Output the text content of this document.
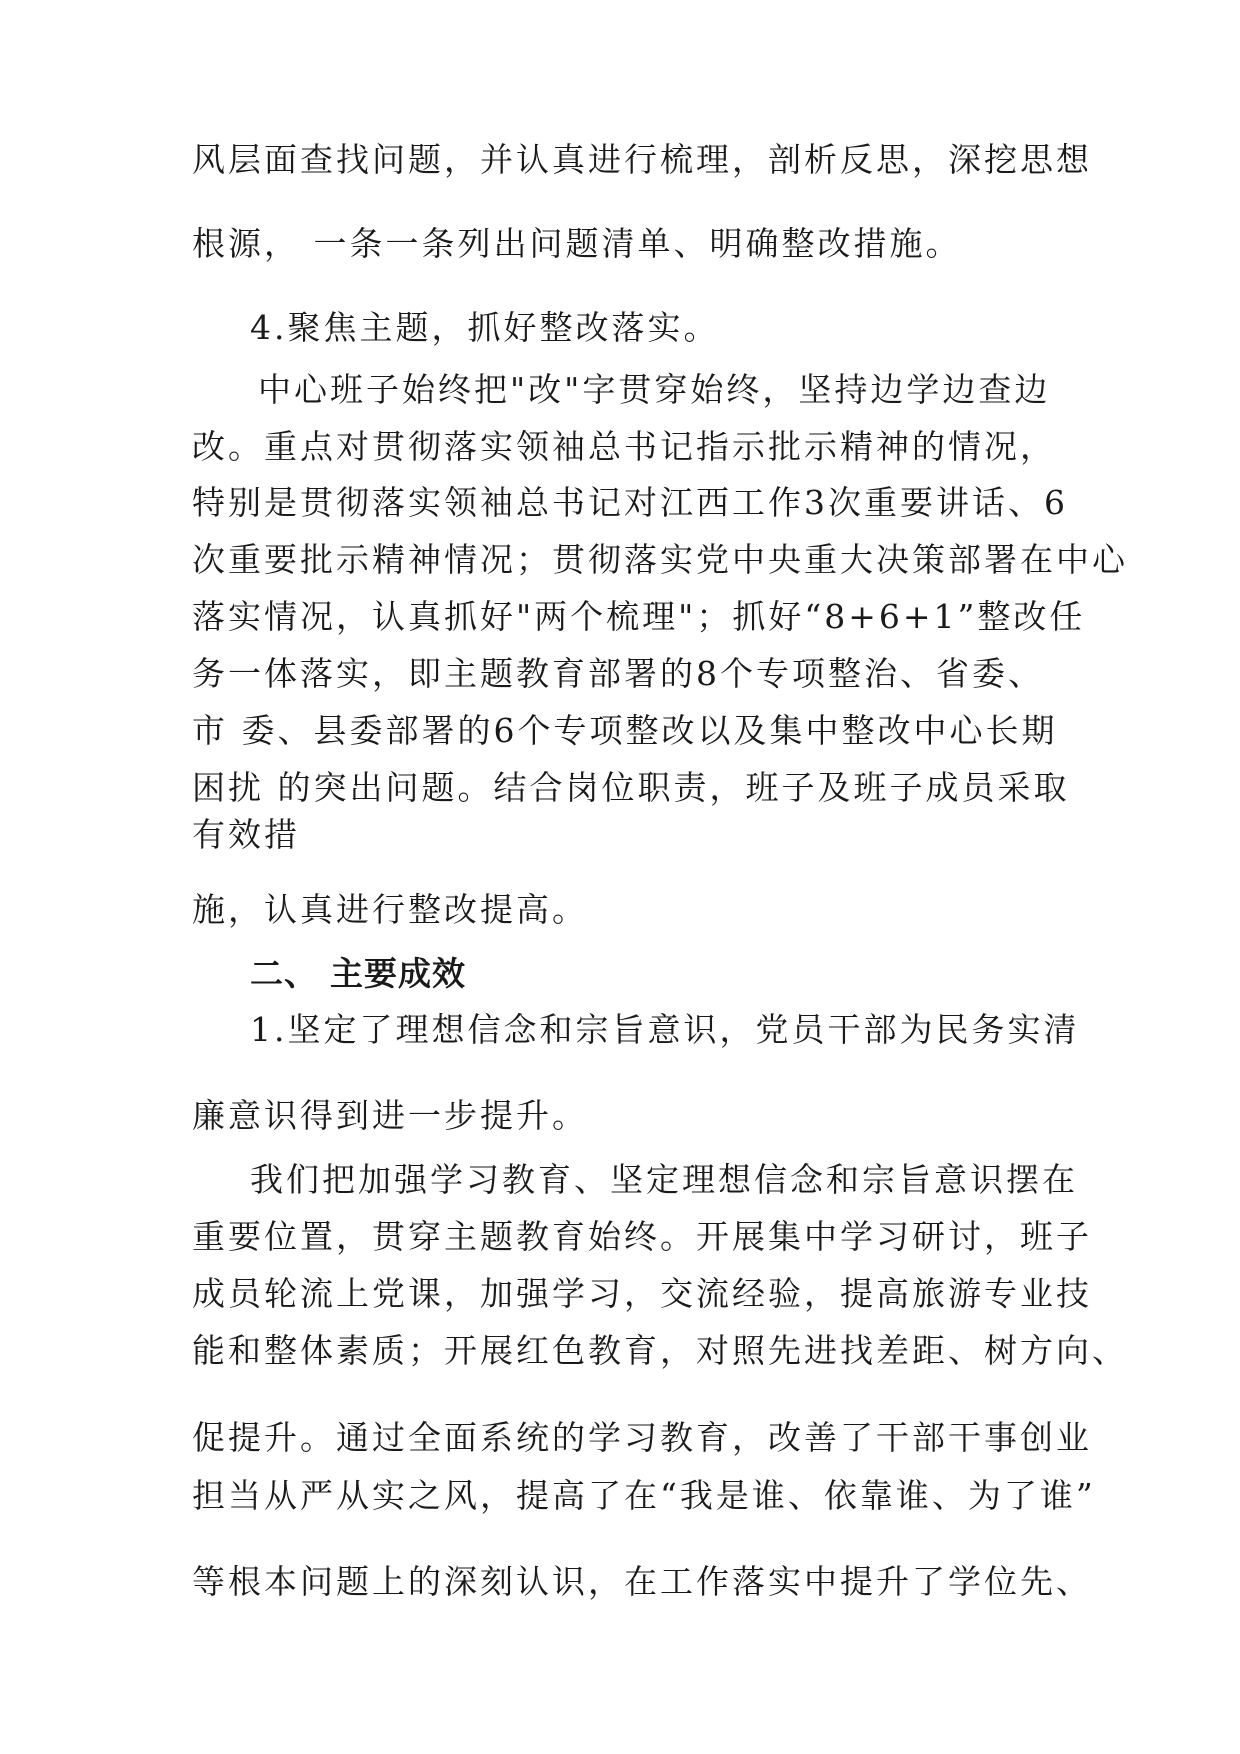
风层面查找问题，并认真进行梳理，剖析反思，深挖思想
根源， 一条一条列出问题清单、明确整改措施。
4.聚焦主题，抓好整改落实。
中心班子始终把"改"字贯穿始终，坚持边学边查边
改。重点对贯彻落实领袖总书记指示批示精神的情况，
特别是贯彻落实领袖总书记对江西工作3次重要讲话、6
次重要批示精神情况；贯彻落实党中央重大决策部署在中心
落实情况，认真抓好"两个梳理"；抓好“8+6+1”整改任
务一体落实，即主题教育部署的8个专项整治、省委、
市 委、县委部署的6个专项整改以及集中整改中心长期
困扰 的突出问题。结合岗位职责，班子及班子成员采取
有效措
施，认真进行整改提高。
二、 主要成效
1.坚定了理想信念和宗旨意识，党员干部为民务实清
廉意识得到进一步提升。
我们把加强学习教育、坚定理想信念和宗旨意识摆在
重要位置，贯穿主题教育始终。开展集中学习研讨，班子
成员轮流上党课，加强学习，交流经验，提高旅游专业技
能和整体素质；开展红色教育，对照先进找差距、树方向、
促提升。通过全面系统的学习教育，改善了干部干事创业
担当从严从实之风，提高了在“我是谁、依靠谁、为了谁”
等根本问题上的深刻认识，在工作落实中提升了学位先、
